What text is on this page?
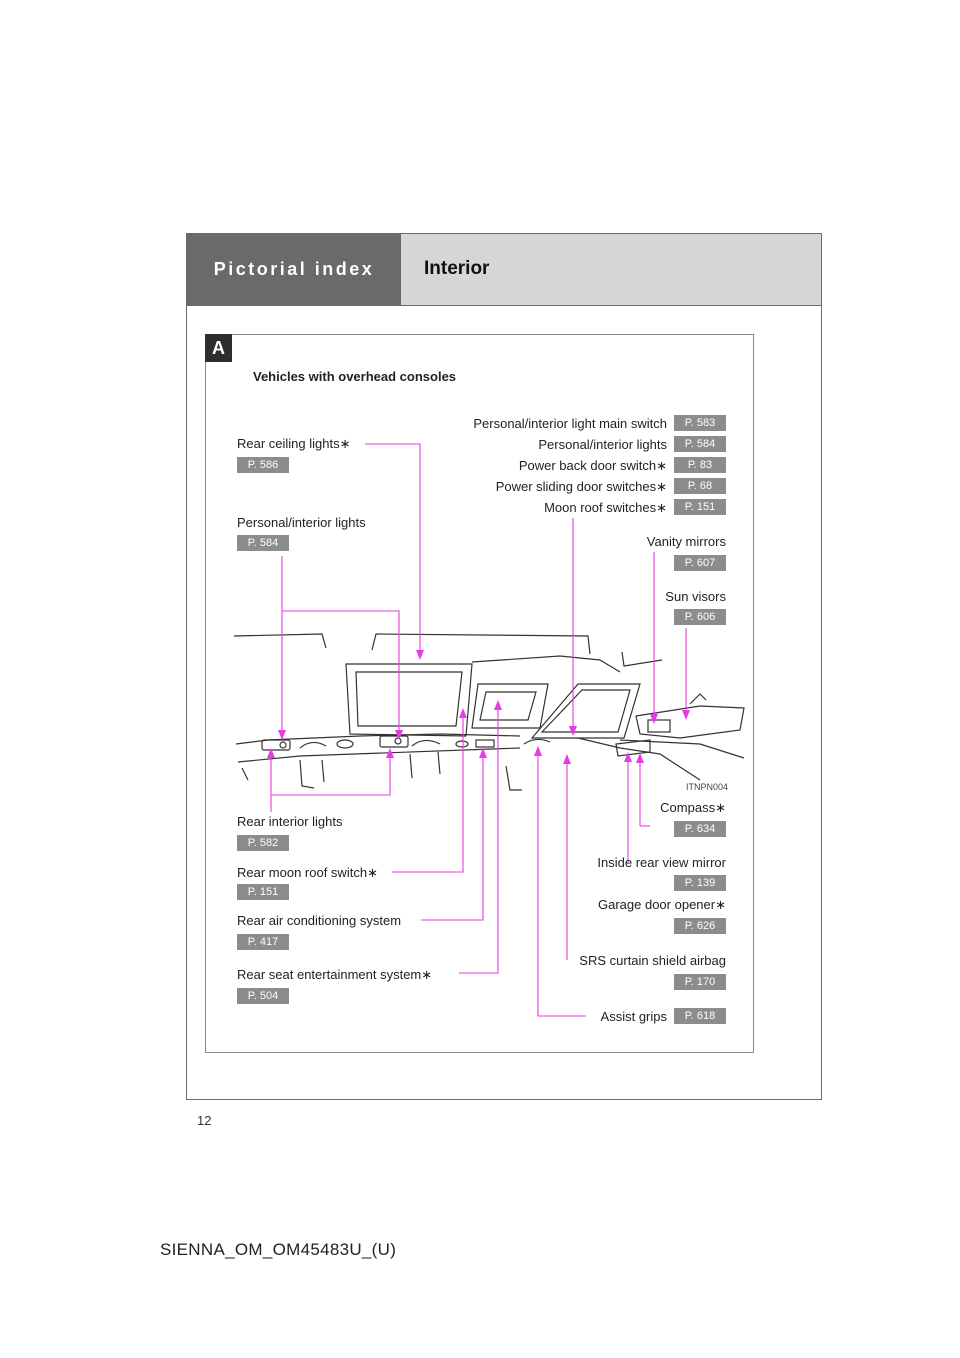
Pictorial index	Interior
A
Vehicles with overhead consoles
ITNPN004
Rear ceiling lights∗
P. 586
Personal/interior lights
P. 584
Rear interior lights
P. 582
Rear moon roof switch∗
P. 151
Rear air conditioning system
P. 417
Rear seat entertainment system∗
P. 504
Personal/interior light main switch	P. 583
Personal/interior lights	P. 584
Power back door switch∗	P. 83
Power sliding door switches∗	P. 68
Moon roof switches∗	P. 151
Vanity mirrors
P. 607
Sun visors
P. 606
Compass∗
P. 634
Inside rear view mirror
P. 139
Garage door opener∗
P. 626
SRS curtain shield airbag
P. 170
Assist grips	P. 618
12
SIENNA_OM_OM45483U_(U)
